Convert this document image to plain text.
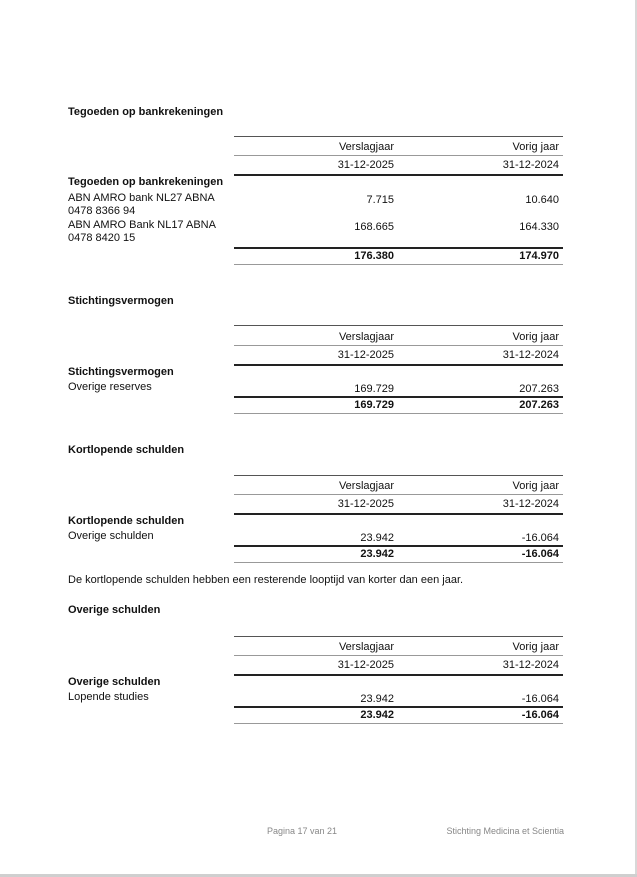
Tegoeden op bankrekeningen
Verslagjaar	Vorig jaar
31-12-2025	31-12-2024
Tegoeden op bankrekeningen
ABN AMRO bank NL27 ABNA
0478 8366 94
7.715	10.640
ABN AMRO Bank NL17 ABNA
0478 8420 15
168.665	164.330
176.380	174.970
Stichtingsvermogen
Verslagjaar	Vorig jaar
31-12-2025	31-12-2024
Stichtingsvermogen
Overige reserves	169.729	207.263
169.729	207.263
Kortlopende schulden
Verslagjaar	Vorig jaar
31-12-2025	31-12-2024
Kortlopende schulden
Overige schulden	23.942	-16.064
23.942	-16.064
De kortlopende schulden hebben een resterende looptijd van korter dan een jaar.
Overige schulden
Verslagjaar	Vorig jaar
31-12-2025	31-12-2024
Overige schulden
Lopende studies	23.942	-16.064
23.942	-16.064
Pagina 17 van 21	Stichting Medicina et Scientia
